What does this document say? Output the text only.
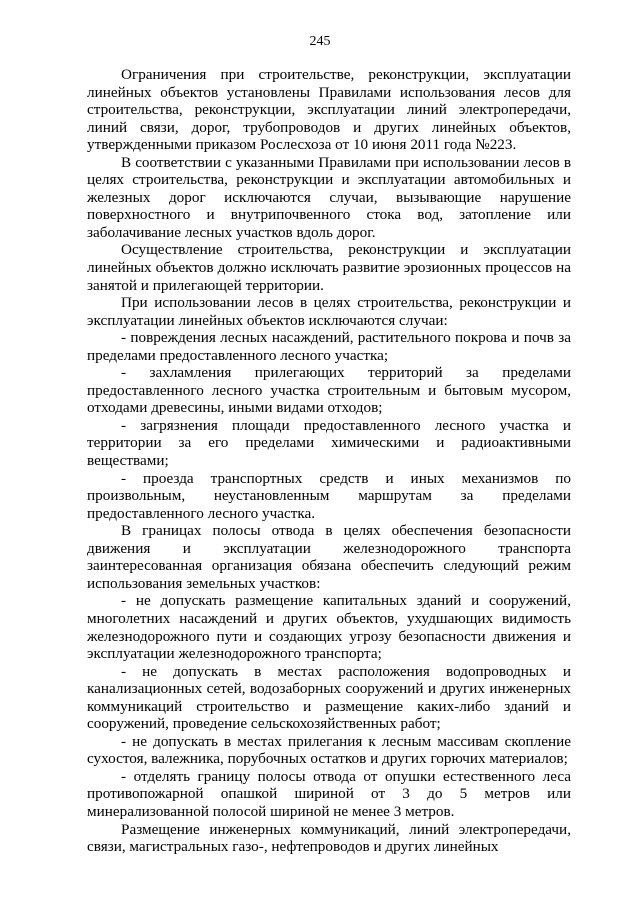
245

Ограничения при строительстве, реконструкции, эксплуатации линейных объектов установлены Правилами использования лесов для строительства, реконструкции, эксплуатации линий электропередачи, линий связи, дорог, трубопроводов и других линейных объектов, утвержденными приказом Рослесхоза от 10 июня 2011 года №223.

В соответствии с указанными Правилами при использовании лесов в целях строительства, реконструкции и эксплуатации автомобильных и железных дорог исключаются случаи, вызывающие нарушение поверхностного и внутрипочвенного стока вод, затопление или заболачивание лесных участков вдоль дорог.

Осуществление строительства, реконструкции и эксплуатации линейных объектов должно исключать развитие эрозионных процессов на занятой и прилегающей территории.

При использовании лесов в целях строительства, реконструкции и эксплуатации линейных объектов исключаются случаи:

- повреждения лесных насаждений, растительного покрова и почв за пределами предоставленного лесного участка;

- захламления прилегающих территорий за пределами предоставленного лесного участка строительным и бытовым мусором, отходами древесины, иными видами отходов;

- загрязнения площади предоставленного лесного участка и территории за его пределами химическими и радиоактивными веществами;

- проезда транспортных средств и иных механизмов по произвольным, неустановленным маршрутам за пределами предоставленного лесного участка.

В границах полосы отвода в целях обеспечения безопасности движения и эксплуатации железнодорожного транспорта заинтересованная организация обязана обеспечить следующий режим использования земельных участков:

- не допускать размещение капитальных зданий и сооружений, многолетних насаждений и других объектов, ухудшающих видимость железнодорожного пути и создающих угрозу безопасности движения и эксплуатации железнодорожного транспорта;

- не допускать в местах расположения водопроводных и канализационных сетей, водозаборных сооружений и других инженерных коммуникаций строительство и размещение каких-либо зданий и сооружений, проведение сельскохозяйственных работ;

- не допускать в местах прилегания к лесным массивам скопление сухостоя, валежника, порубочных остатков и других горючих материалов;

- отделять границу полосы отвода от опушки естественного леса противопожарной опашкой шириной от 3 до 5 метров или минерализованной полосой шириной не менее 3 метров.

Размещение инженерных коммуникаций, линий электропередачи, связи, магистральных газо-, нефтепроводов и других линейных
